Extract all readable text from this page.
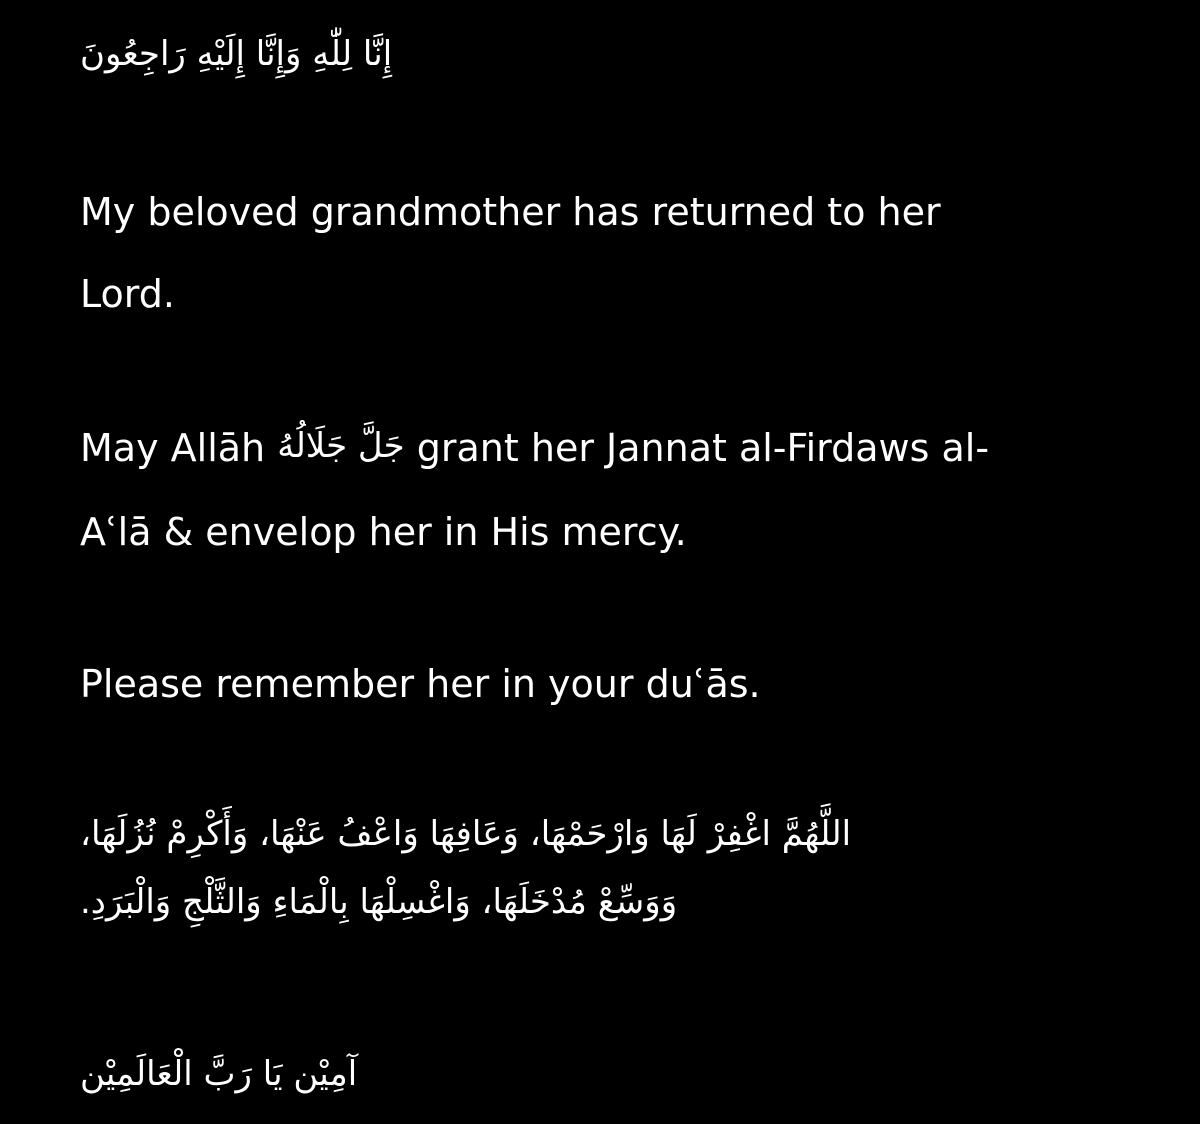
إِنَّا لِلّٰهِ وَإِنَّا إِلَيْهِ رَاجِعُونَ

My beloved grandmother has returned to her

Lord.

May Allāh جَلَّ جَلَالُهُ grant her Jannat al-Firdaws al-

Aʿlā & envelop her in His mercy.

Please remember her in your duʿās.

اللَّهُمَّ اغْفِرْ لَهَا وَارْحَمْهَا، وَعَافِهَا وَاعْفُ عَنْهَا، وَأَكْرِمْ نُزُلَهَا،
وَوَسِّعْ مُدْخَلَهَا، وَاغْسِلْهَا بِالْمَاءِ وَالثَّلْجِ وَالْبَرَدِ.
آمِيْن يَا رَبَّ الْعَالَمِيْن
